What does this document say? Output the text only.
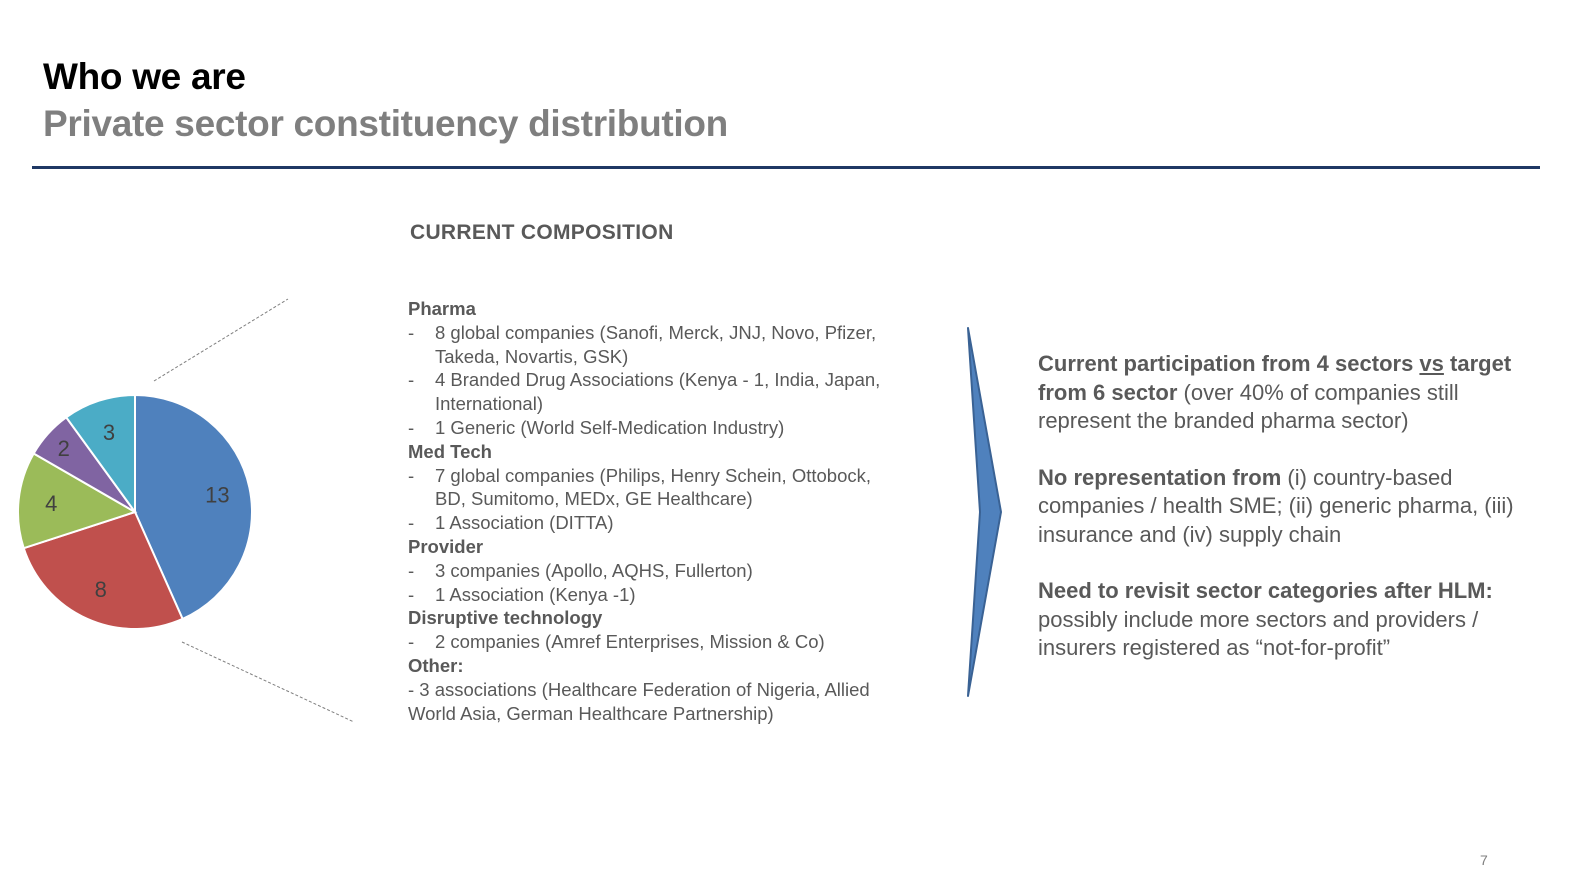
Who we are
Private sector constituency distribution
CURRENT COMPOSITION
13
8
4
2
3
Pharma
- 8 global companies (Sanofi, Merck, JNJ, Novo, Pfizer, Takeda, Novartis, GSK)
- 4 Branded Drug Associations (Kenya - 1, India, Japan, International)
- 1 Generic (World Self-Medication Industry)
Med Tech
- 7 global companies (Philips, Henry Schein, Ottobock, BD, Sumitomo, MEDx, GE Healthcare)
- 1 Association (DITTA)
Provider
- 3 companies (Apollo, AQHS, Fullerton)
- 1 Association (Kenya -1)
Disruptive technology
- 2 companies (Amref Enterprises, Mission & Co)
Other:
- 3 associations (Healthcare Federation of Nigeria, Allied World Asia, German Healthcare Partnership)
Current participation from 4 sectors vs target from 6 sector (over 40% of companies still represent the branded pharma sector)
No representation from (i) country-based companies / health SME; (ii) generic pharma, (iii) insurance and (iv) supply chain
Need to revisit sector categories after HLM: possibly include more sectors and providers / insurers registered as “not-for-profit”
7
